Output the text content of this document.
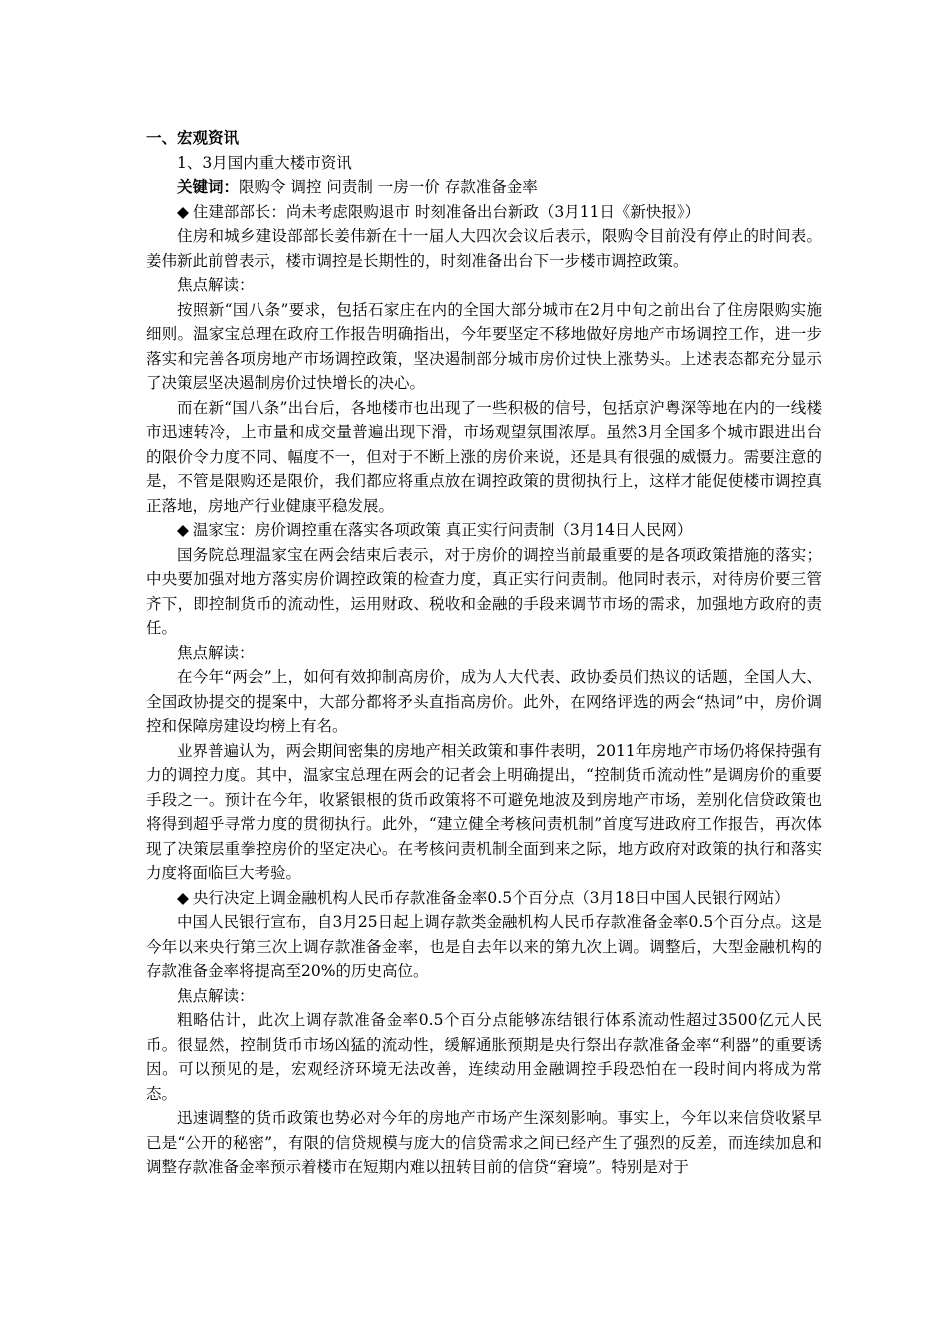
一、宏观资讯

1、3月国内重大楼市资讯

关键词：限购令 调控 问责制 一房一价 存款准备金率

◆ 住建部部长：尚未考虑限购退市 时刻准备出台新政（3月11日《新快报》）

住房和城乡建设部部长姜伟新在十一届人大四次会议后表示，限购令目前没有停止的时间表。姜伟新此前曾表示，楼市调控是长期性的，时刻准备出台下一步楼市调控政策。

焦点解读：

按照新“国八条”要求，包括石家庄在内的全国大部分城市在2月中旬之前出台了住房限购实施细则。温家宝总理在政府工作报告明确指出，今年要坚定不移地做好房地产市场调控工作，进一步落实和完善各项房地产市场调控政策，坚决遏制部分城市房价过快上涨势头。上述表态都充分显示了决策层坚决遏制房价过快增长的决心。

而在新“国八条”出台后，各地楼市也出现了一些积极的信号，包括京沪粤深等地在内的一线楼市迅速转冷，上市量和成交量普遍出现下滑，市场观望氛围浓厚。虽然3月全国多个城市跟进出台的限价令力度不同、幅度不一，但对于不断上涨的房价来说，还是具有很强的威慑力。需要注意的是，不管是限购还是限价，我们都应将重点放在调控政策的贯彻执行上，这样才能促使楼市调控真正落地，房地产行业健康平稳发展。

◆ 温家宝：房价调控重在落实各项政策 真正实行问责制（3月14日人民网）

国务院总理温家宝在两会结束后表示，对于房价的调控当前最重要的是各项政策措施的落实；中央要加强对地方落实房价调控政策的检查力度，真正实行问责制。他同时表示，对待房价要三管齐下，即控制货币的流动性，运用财政、税收和金融的手段来调节市场的需求，加强地方政府的责任。

焦点解读：

在今年“两会”上，如何有效抑制高房价，成为人大代表、政协委员们热议的话题，全国人大、全国政协提交的提案中，大部分都将矛头直指高房价。此外，在网络评选的两会“热词”中，房价调控和保障房建设均榜上有名。

业界普遍认为，两会期间密集的房地产相关政策和事件表明，2011年房地产市场仍将保持强有力的调控力度。其中，温家宝总理在两会的记者会上明确提出，“控制货币流动性”是调房价的重要手段之一。预计在今年，收紧银根的货币政策将不可避免地波及到房地产市场，差别化信贷政策也将得到超乎寻常力度的贯彻执行。此外，“建立健全考核问责机制”首度写进政府工作报告，再次体现了决策层重拳控房价的坚定决心。在考核问责机制全面到来之际，地方政府对政策的执行和落实力度将面临巨大考验。

◆ 央行决定上调金融机构人民币存款准备金率0.5个百分点（3月18日中国人民银行网站）

中国人民银行宣布，自3月25日起上调存款类金融机构人民币存款准备金率0.5个百分点。这是今年以来央行第三次上调存款准备金率，也是自去年以来的第九次上调。调整后，大型金融机构的存款准备金率将提高至20%的历史高位。

焦点解读：

粗略估计，此次上调存款准备金率0.5个百分点能够冻结银行体系流动性超过3500亿元人民币。很显然，控制货币市场凶猛的流动性，缓解通胀预期是央行祭出存款准备金率“利器”的重要诱因。可以预见的是，宏观经济环境无法改善，连续动用金融调控手段恐怕在一段时间内将成为常态。

迅速调整的货币政策也势必对今年的房地产市场产生深刻影响。事实上，今年以来信贷收紧早已是“公开的秘密”，有限的信贷规模与庞大的信贷需求之间已经产生了强烈的反差，而连续加息和调整存款准备金率预示着楼市在短期内难以扭转目前的信贷“窘境”。特别是对于
